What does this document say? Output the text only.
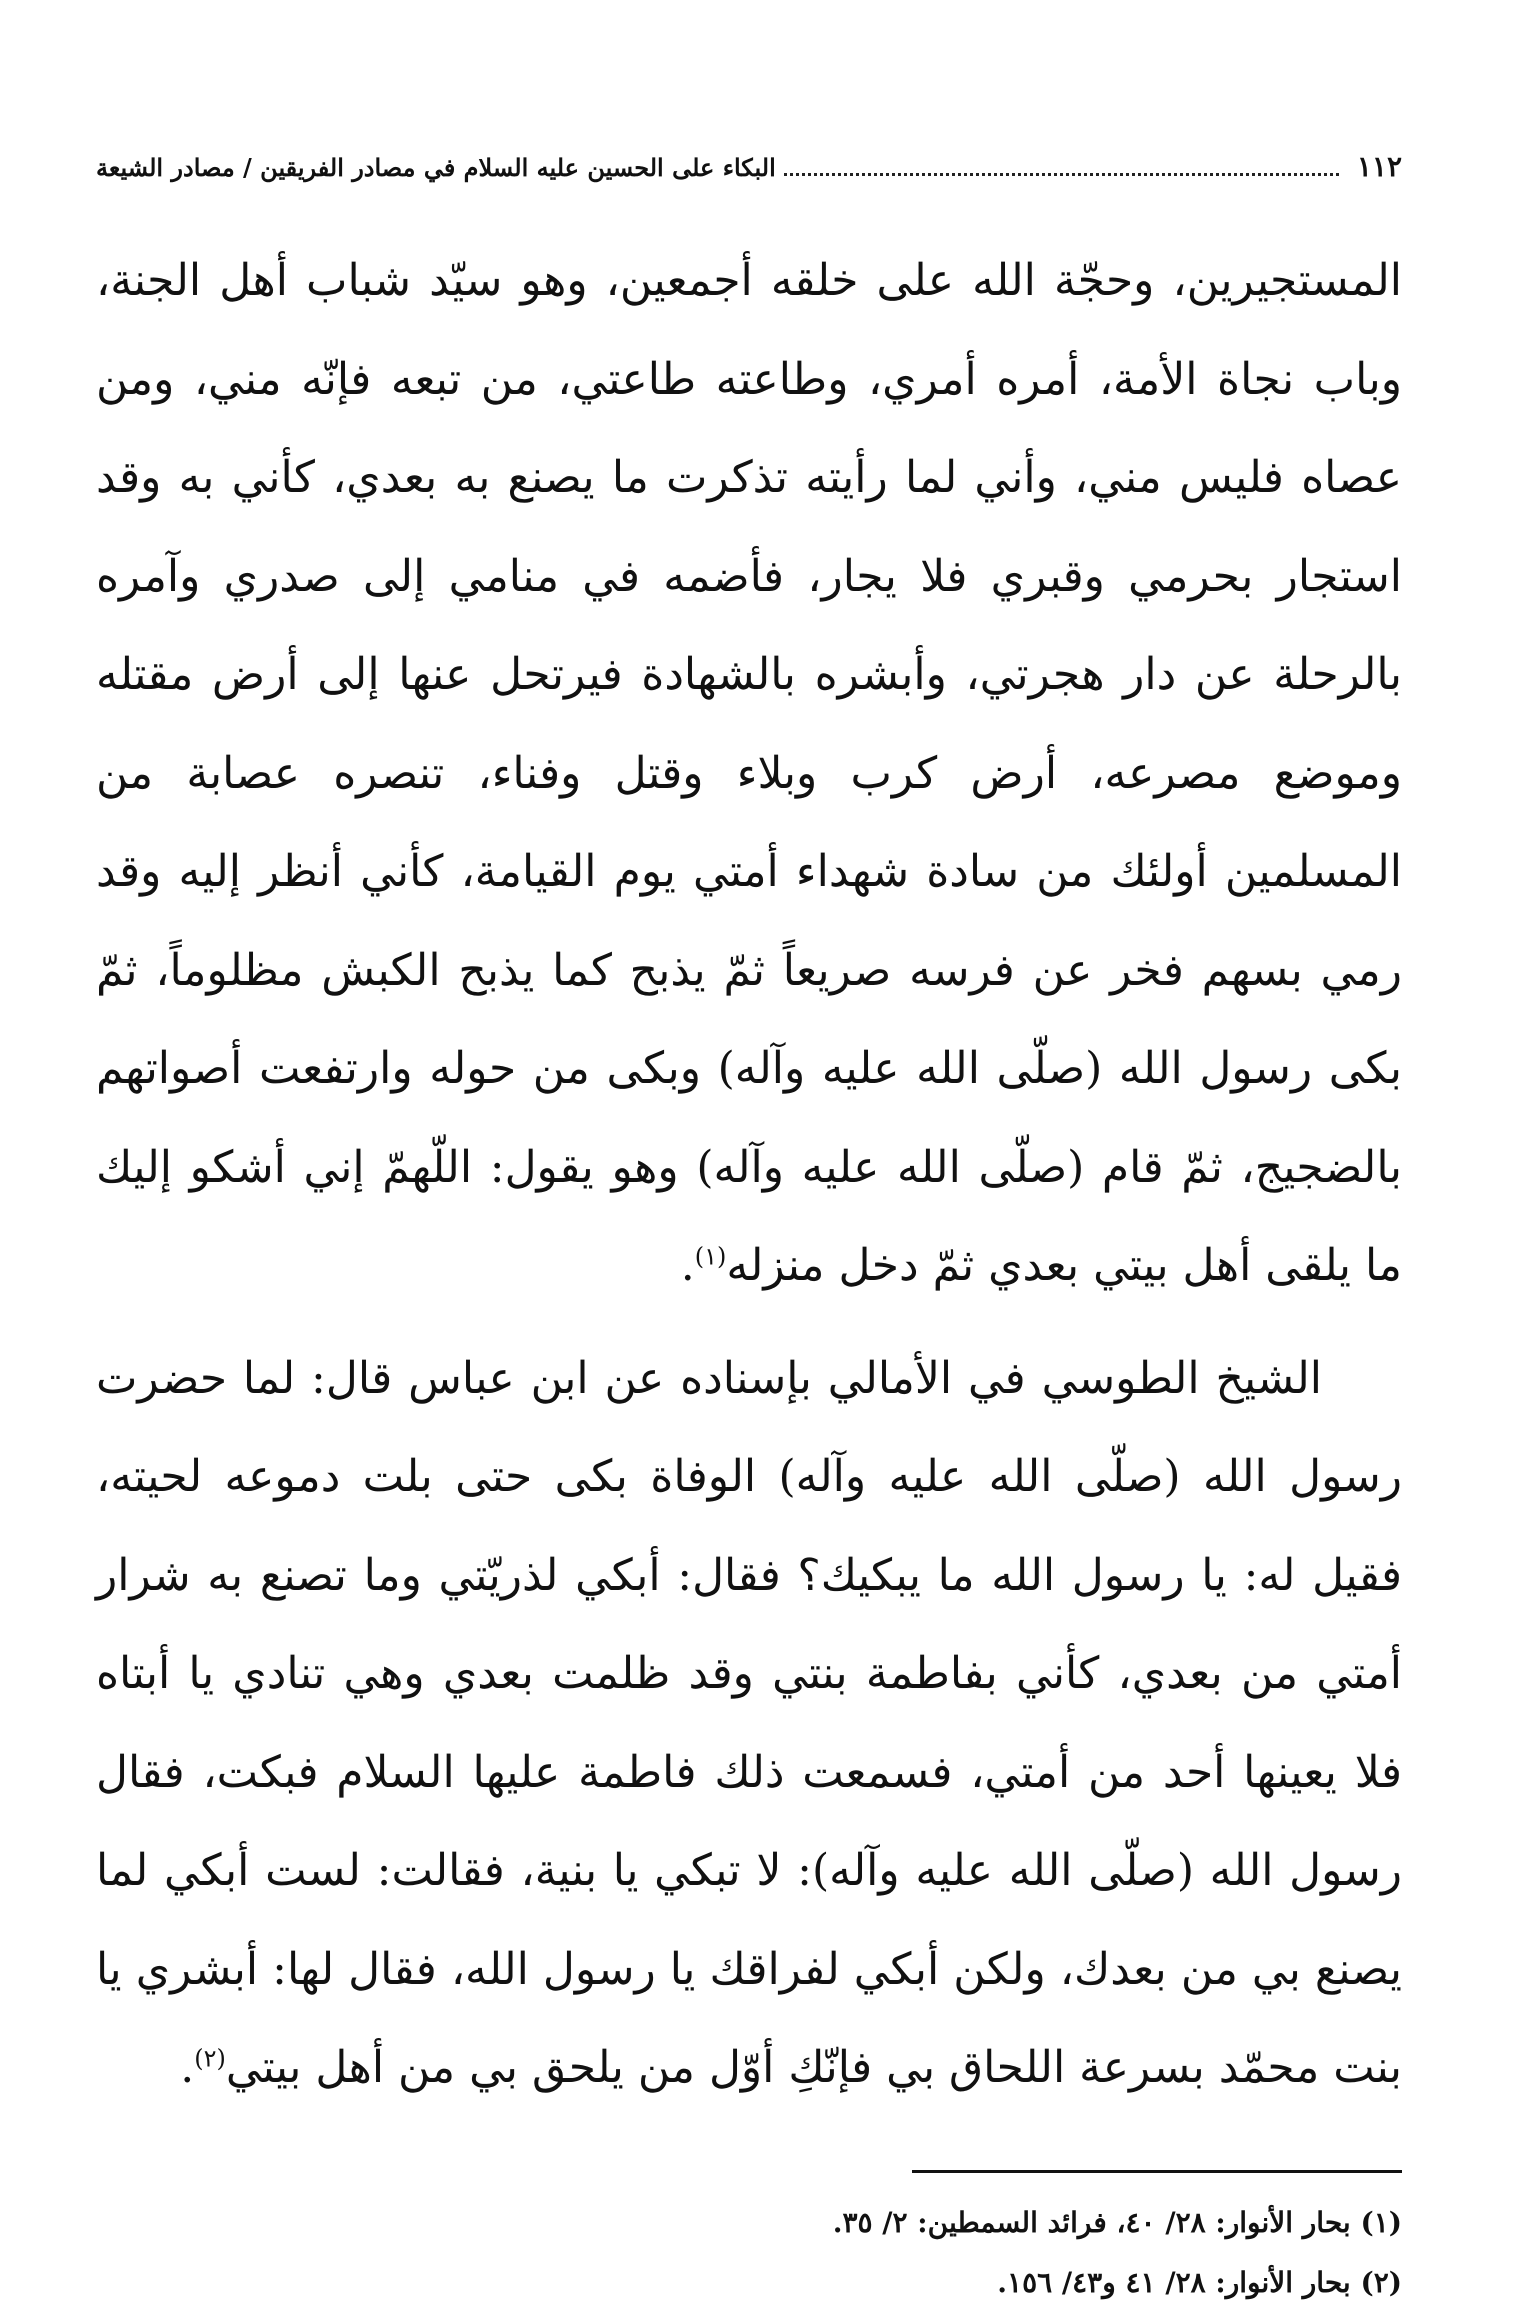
١١٢
البكاء على الحسين عليه السلام في مصادر الفريقين / مصادر الشيعة

المستجيرين، وحجّة الله على خلقه أجمعين، وهو سيّد شباب أهل الجنة، وباب نجاة الأمة، أمره أمري، وطاعته طاعتي، من تبعه فإنّه مني، ومن عصاه فليس مني، وأني لما رأيته تذكرت ما يصنع به بعدي، كأني به وقد استجار بحرمي وقبري فلا يجار، فأضمه في منامي إلى صدري وآمره بالرحلة عن دار هجرتي، وأبشره بالشهادة فيرتحل عنها إلى أرض مقتله وموضع مصرعه، أرض كرب وبلاء وقتل وفناء، تنصره عصابة من المسلمين أولئك من سادة شهداء أمتي يوم القيامة، كأني أنظر إليه وقد رمي بسهم فخر عن فرسه صريعاً ثمّ يذبح كما يذبح الكبش مظلوماً، ثمّ بكى رسول الله (صلّى الله عليه وآله) وبكى من حوله وارتفعت أصواتهم بالضجيج، ثمّ قام (صلّى الله عليه وآله) وهو يقول: اللّهمّ إني أشكو إليك ما يلقى أهل بيتي بعدي ثمّ دخل منزله$^{(١)}$.

الشيخ الطوسي في الأمالي بإسناده عن ابن عباس قال: لما حضرت رسول الله (صلّى الله عليه وآله) الوفاة بكى حتى بلت دموعه لحيته، فقيل له: يا رسول الله ما يبكيك؟ فقال: أبكي لذريّتي وما تصنع به شرار أمتي من بعدي، كأني بفاطمة بنتي وقد ظلمت بعدي وهي تنادي يا أبتاه فلا يعينها أحد من أمتي، فسمعت ذلك فاطمة عليها السلام فبكت، فقال رسول الله (صلّى الله عليه وآله): لا تبكي يا بنية، فقالت: لست أبكي لما يصنع بي من بعدك، ولكن أبكي لفراقك يا رسول الله، فقال لها: أبشري يا بنت محمّد بسرعة اللحاق بي فإنّكِ أوّل من يلحق بي من أهل بيتي$^{(٢)}$.

(١) بحار الأنوار: ٢٨/ ٤٠، فرائد السمطين: ٢/ ٣٥.
(٢) بحار الأنوار: ٢٨/ ٤١ و٤٣/ ١٥٦.
